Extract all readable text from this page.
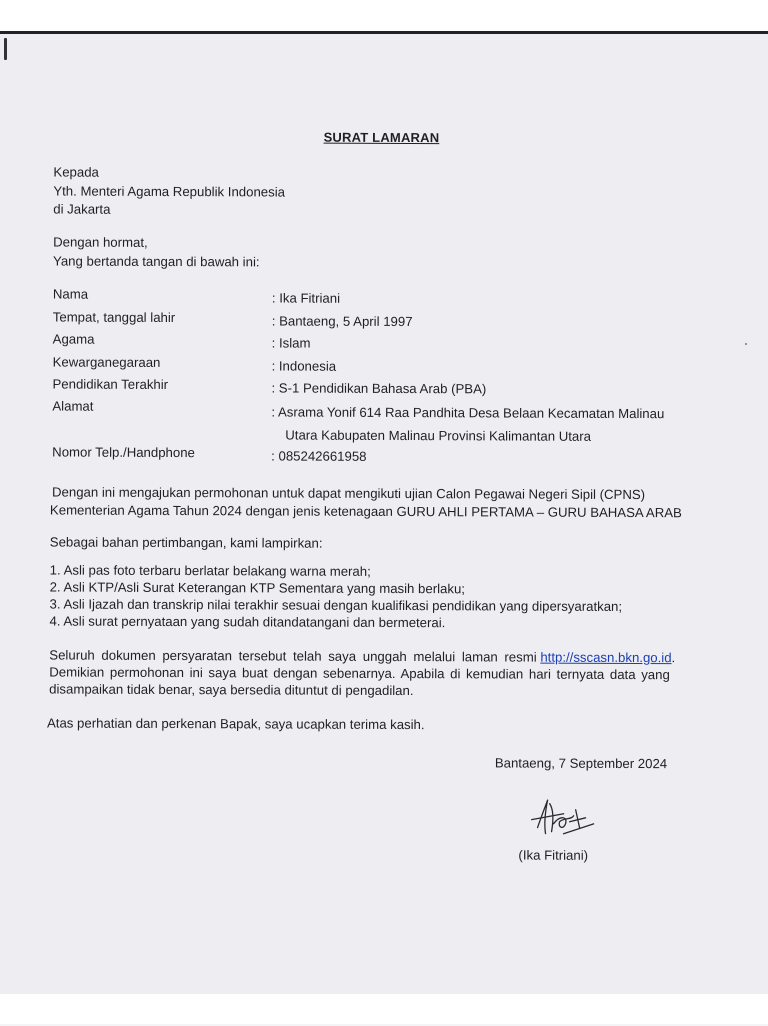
SURAT LAMARAN
Kepada
Yth. Menteri Agama Republik Indonesia
di Jakarta
Dengan hormat,
Yang bertanda tangan di bawah ini:
Nama	: Ika Fitriani
Tempat, tanggal lahir	: Bantaeng, 5 April 1997
Agama	: Islam
Kewarganegaraan	: Indonesia
Pendidikan Terakhir	: S-1 Pendidikan Bahasa Arab (PBA)
Alamat	: Asrama Yonif 614 Raa Pandhita Desa Belaan Kecamatan Malinau
Utara Kabupaten Malinau Provinsi Kalimantan Utara
Nomor Telp./Handphone	: 085242661958
Dengan ini mengajukan permohonan untuk dapat mengikuti ujian Calon Pegawai Negeri Sipil (CPNS)
Kementerian Agama Tahun 2024 dengan jenis ketenagaan GURU AHLI PERTAMA – GURU BAHASA ARAB
Sebagai bahan pertimbangan, kami lampirkan:
1. Asli pas foto terbaru berlatar belakang warna merah;
2. Asli KTP/Asli Surat Keterangan KTP Sementara yang masih berlaku;
3. Asli Ijazah dan transkrip nilai terakhir sesuai dengan kualifikasi pendidikan yang dipersyaratkan;
4. Asli surat pernyataan yang sudah ditandatangani dan bermeterai.
Seluruh dokumen persyaratan tersebut telah saya unggah melalui laman resmi http://sscasn.bkn.go.id.
Demikian permohonan ini saya buat dengan sebenarnya. Apabila di kemudian hari ternyata data yang
disampaikan tidak benar, saya bersedia dituntut di pengadilan.
Atas perhatian dan perkenan Bapak, saya ucapkan terima kasih.
Bantaeng, 7 September 2024
(Ika Fitriani)
